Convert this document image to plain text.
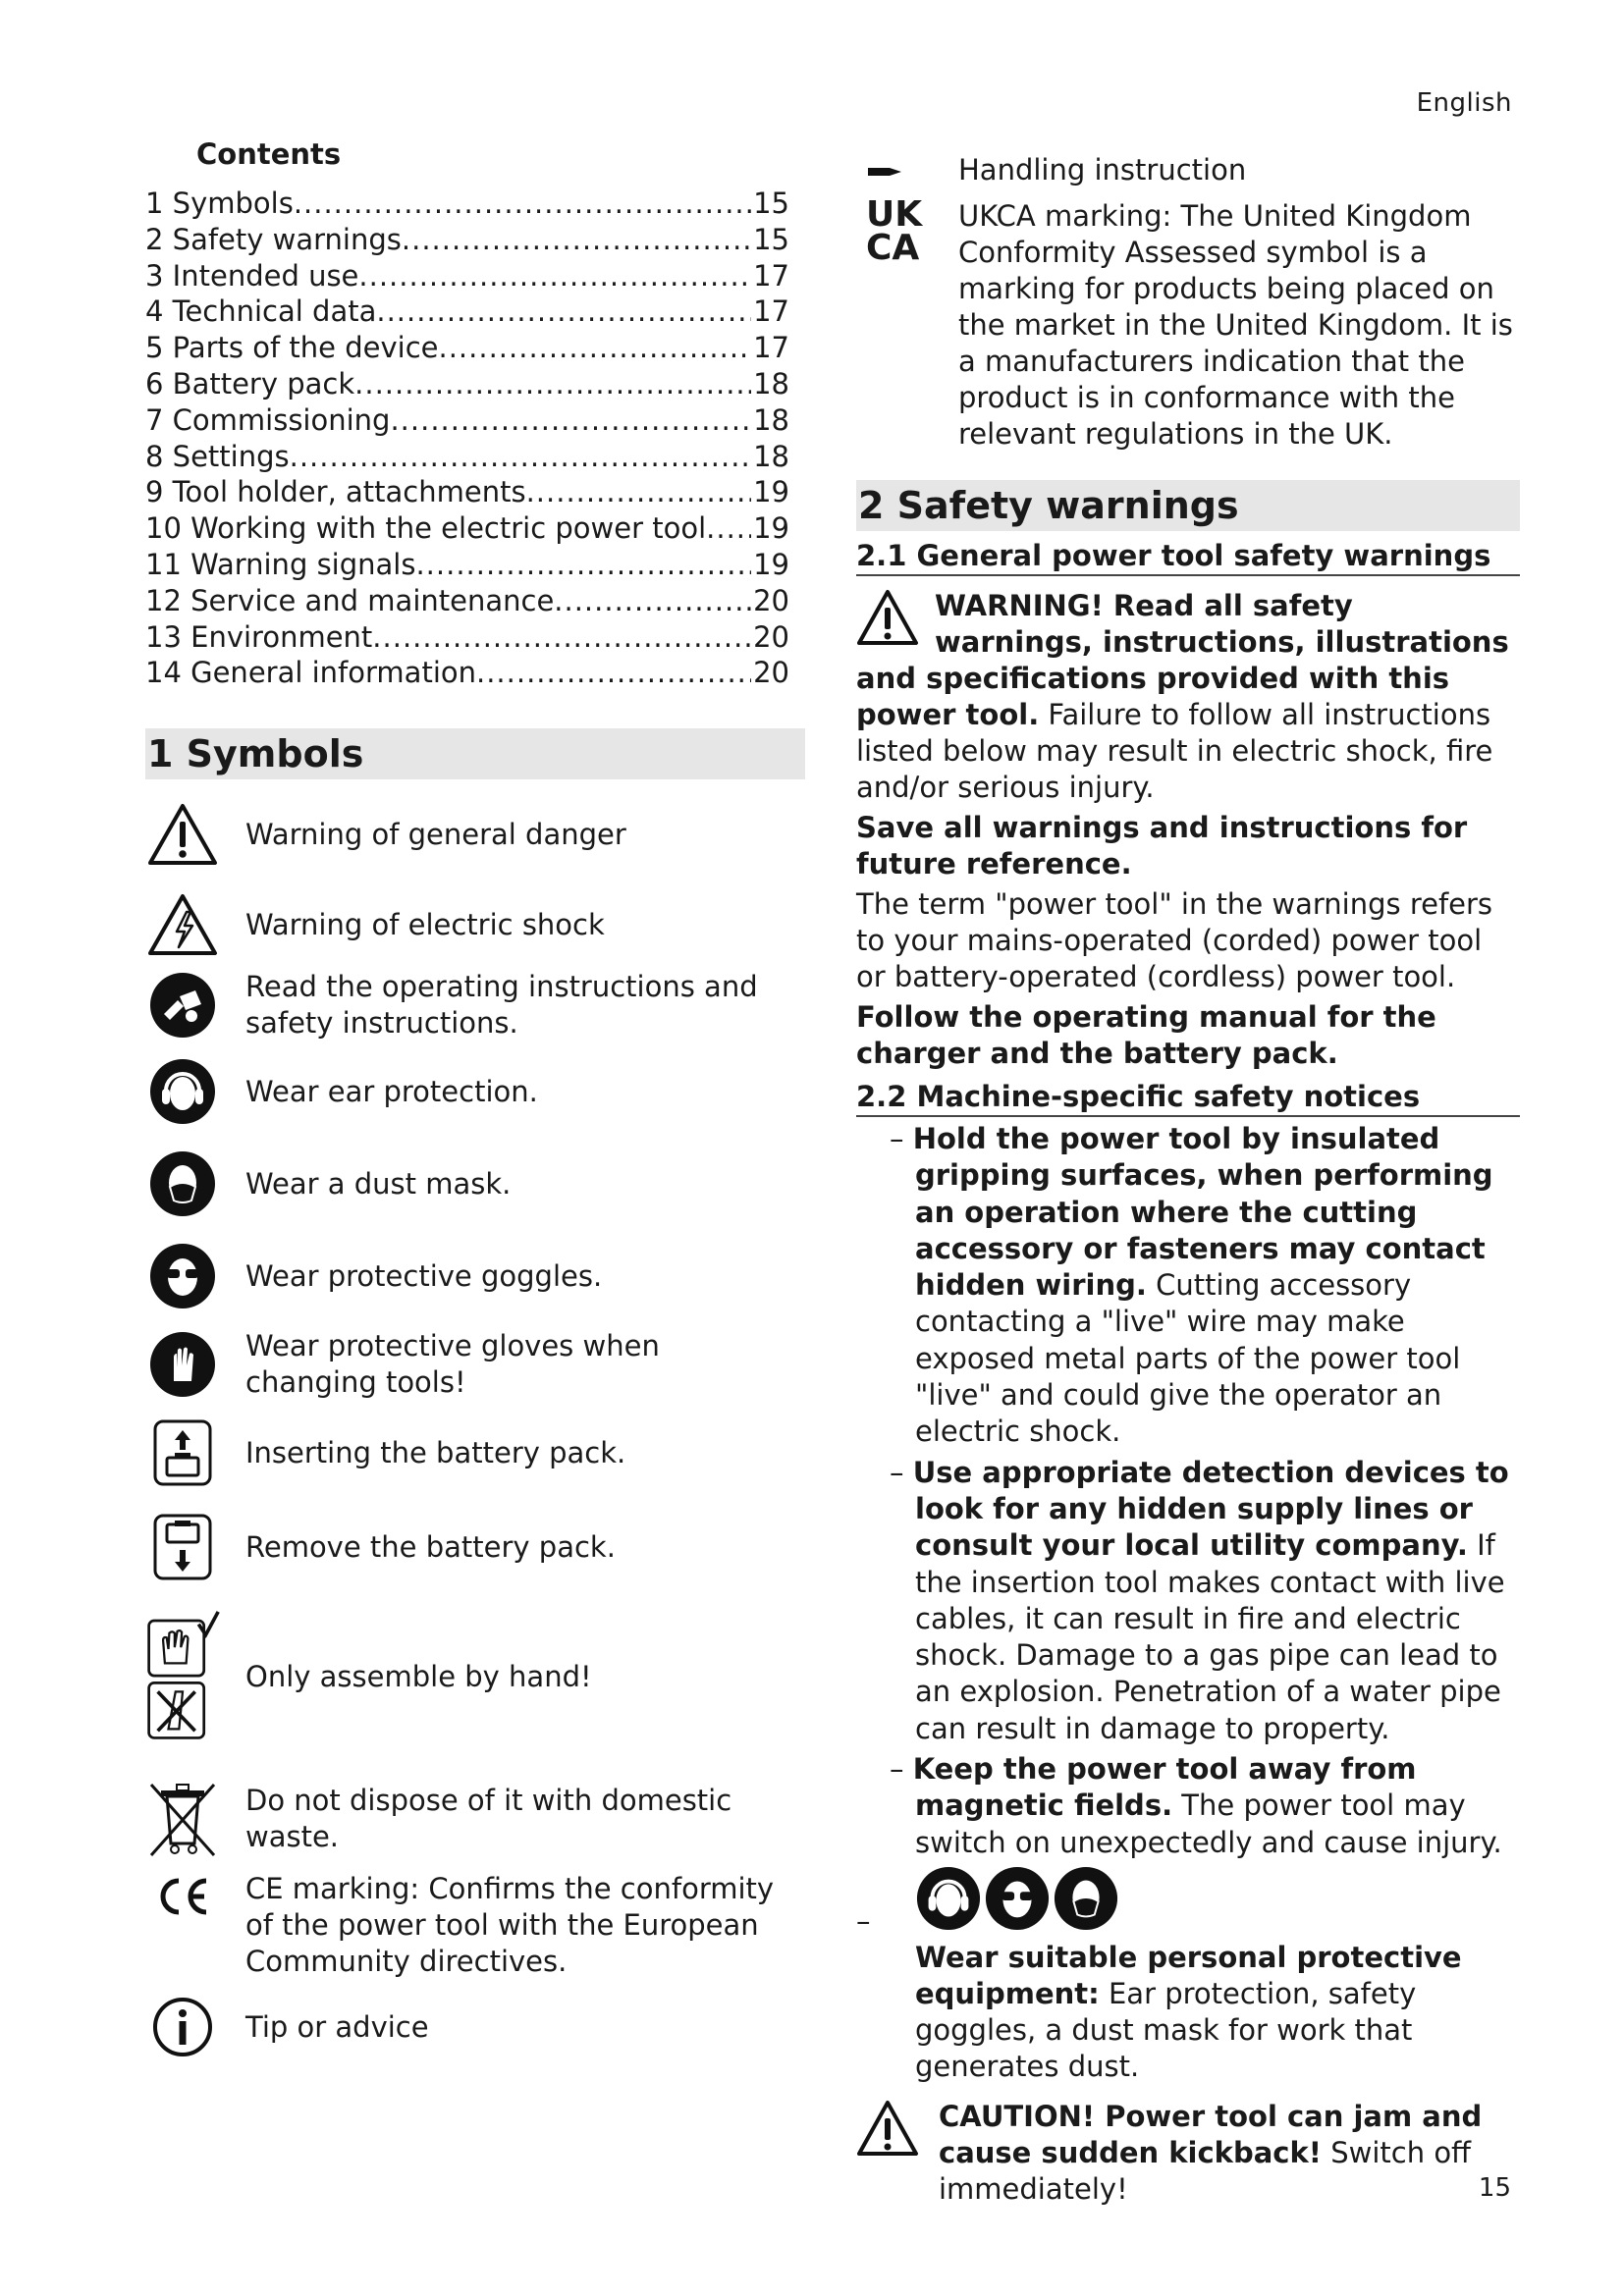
English
Contents
1 Symbols .....	15
2 Safety warnings .....	15
3 Intended use .....	17
4 Technical data .....	17
5 Parts of the device .....	17
6 Battery pack .....	18
7 Commissioning .....	18
8 Settings .....	18
9 Tool holder, attachments .....	19
10 Working with the electric power tool ..... 19
11 Warning signals .....	19
12 Service and maintenance .....	20
13 Environment .....	20
14 General information .....	20
1 Symbols
Warning of general danger
Warning of electric shock
Read the operating instructions and safety instructions.
Wear ear protection.
Wear a dust mask.
Wear protective goggles.
Wear protective gloves when changing tools!
Inserting the battery pack.
Remove the battery pack.
Only assemble by hand!
Do not dispose of it with domestic waste.
CE marking: Confirms the conformity of the power tool with the European Community directives.
Tip or advice
Handling instruction
UK
CA
UKCA marking: The United Kingdom Conformity Assessed symbol is a marking for products being placed on the market in the United Kingdom. It is a manufacturers indication that the product is in conformance with the relevant regulations in the UK.
2 Safety warnings
2.1 General power tool safety warnings
WARNING! Read all safety warnings, instructions, illustrations and specifications provided with this power tool. Failure to follow all instructions listed below may result in electric shock, fire and/or serious injury.
Save all warnings and instructions for future reference.
The term "power tool" in the warnings refers to your mains-operated (corded) power tool or battery-operated (cordless) power tool.
Follow the operating manual for the charger and the battery pack.
2.2 Machine-specific safety notices
– Hold the power tool by insulated gripping surfaces, when performing an operation where the cutting accessory or fasteners may contact hidden wiring. Cutting accessory contacting a "live" wire may make exposed metal parts of the power tool "live" and could give the operator an electric shock.
– Use appropriate detection devices to look for any hidden supply lines or consult your local utility company. If the insertion tool makes contact with live cables, it can result in fire and electric shock. Damage to a gas pipe can lead to an explosion. Penetration of a water pipe can result in damage to property.
– Keep the power tool away from magnetic fields. The power tool may switch on unexpectedly and cause injury.
–
Wear suitable personal protective equipment: Ear protection, safety goggles, a dust mask for work that generates dust.
CAUTION! Power tool can jam and cause sudden kickback! Switch off immediately!	15
